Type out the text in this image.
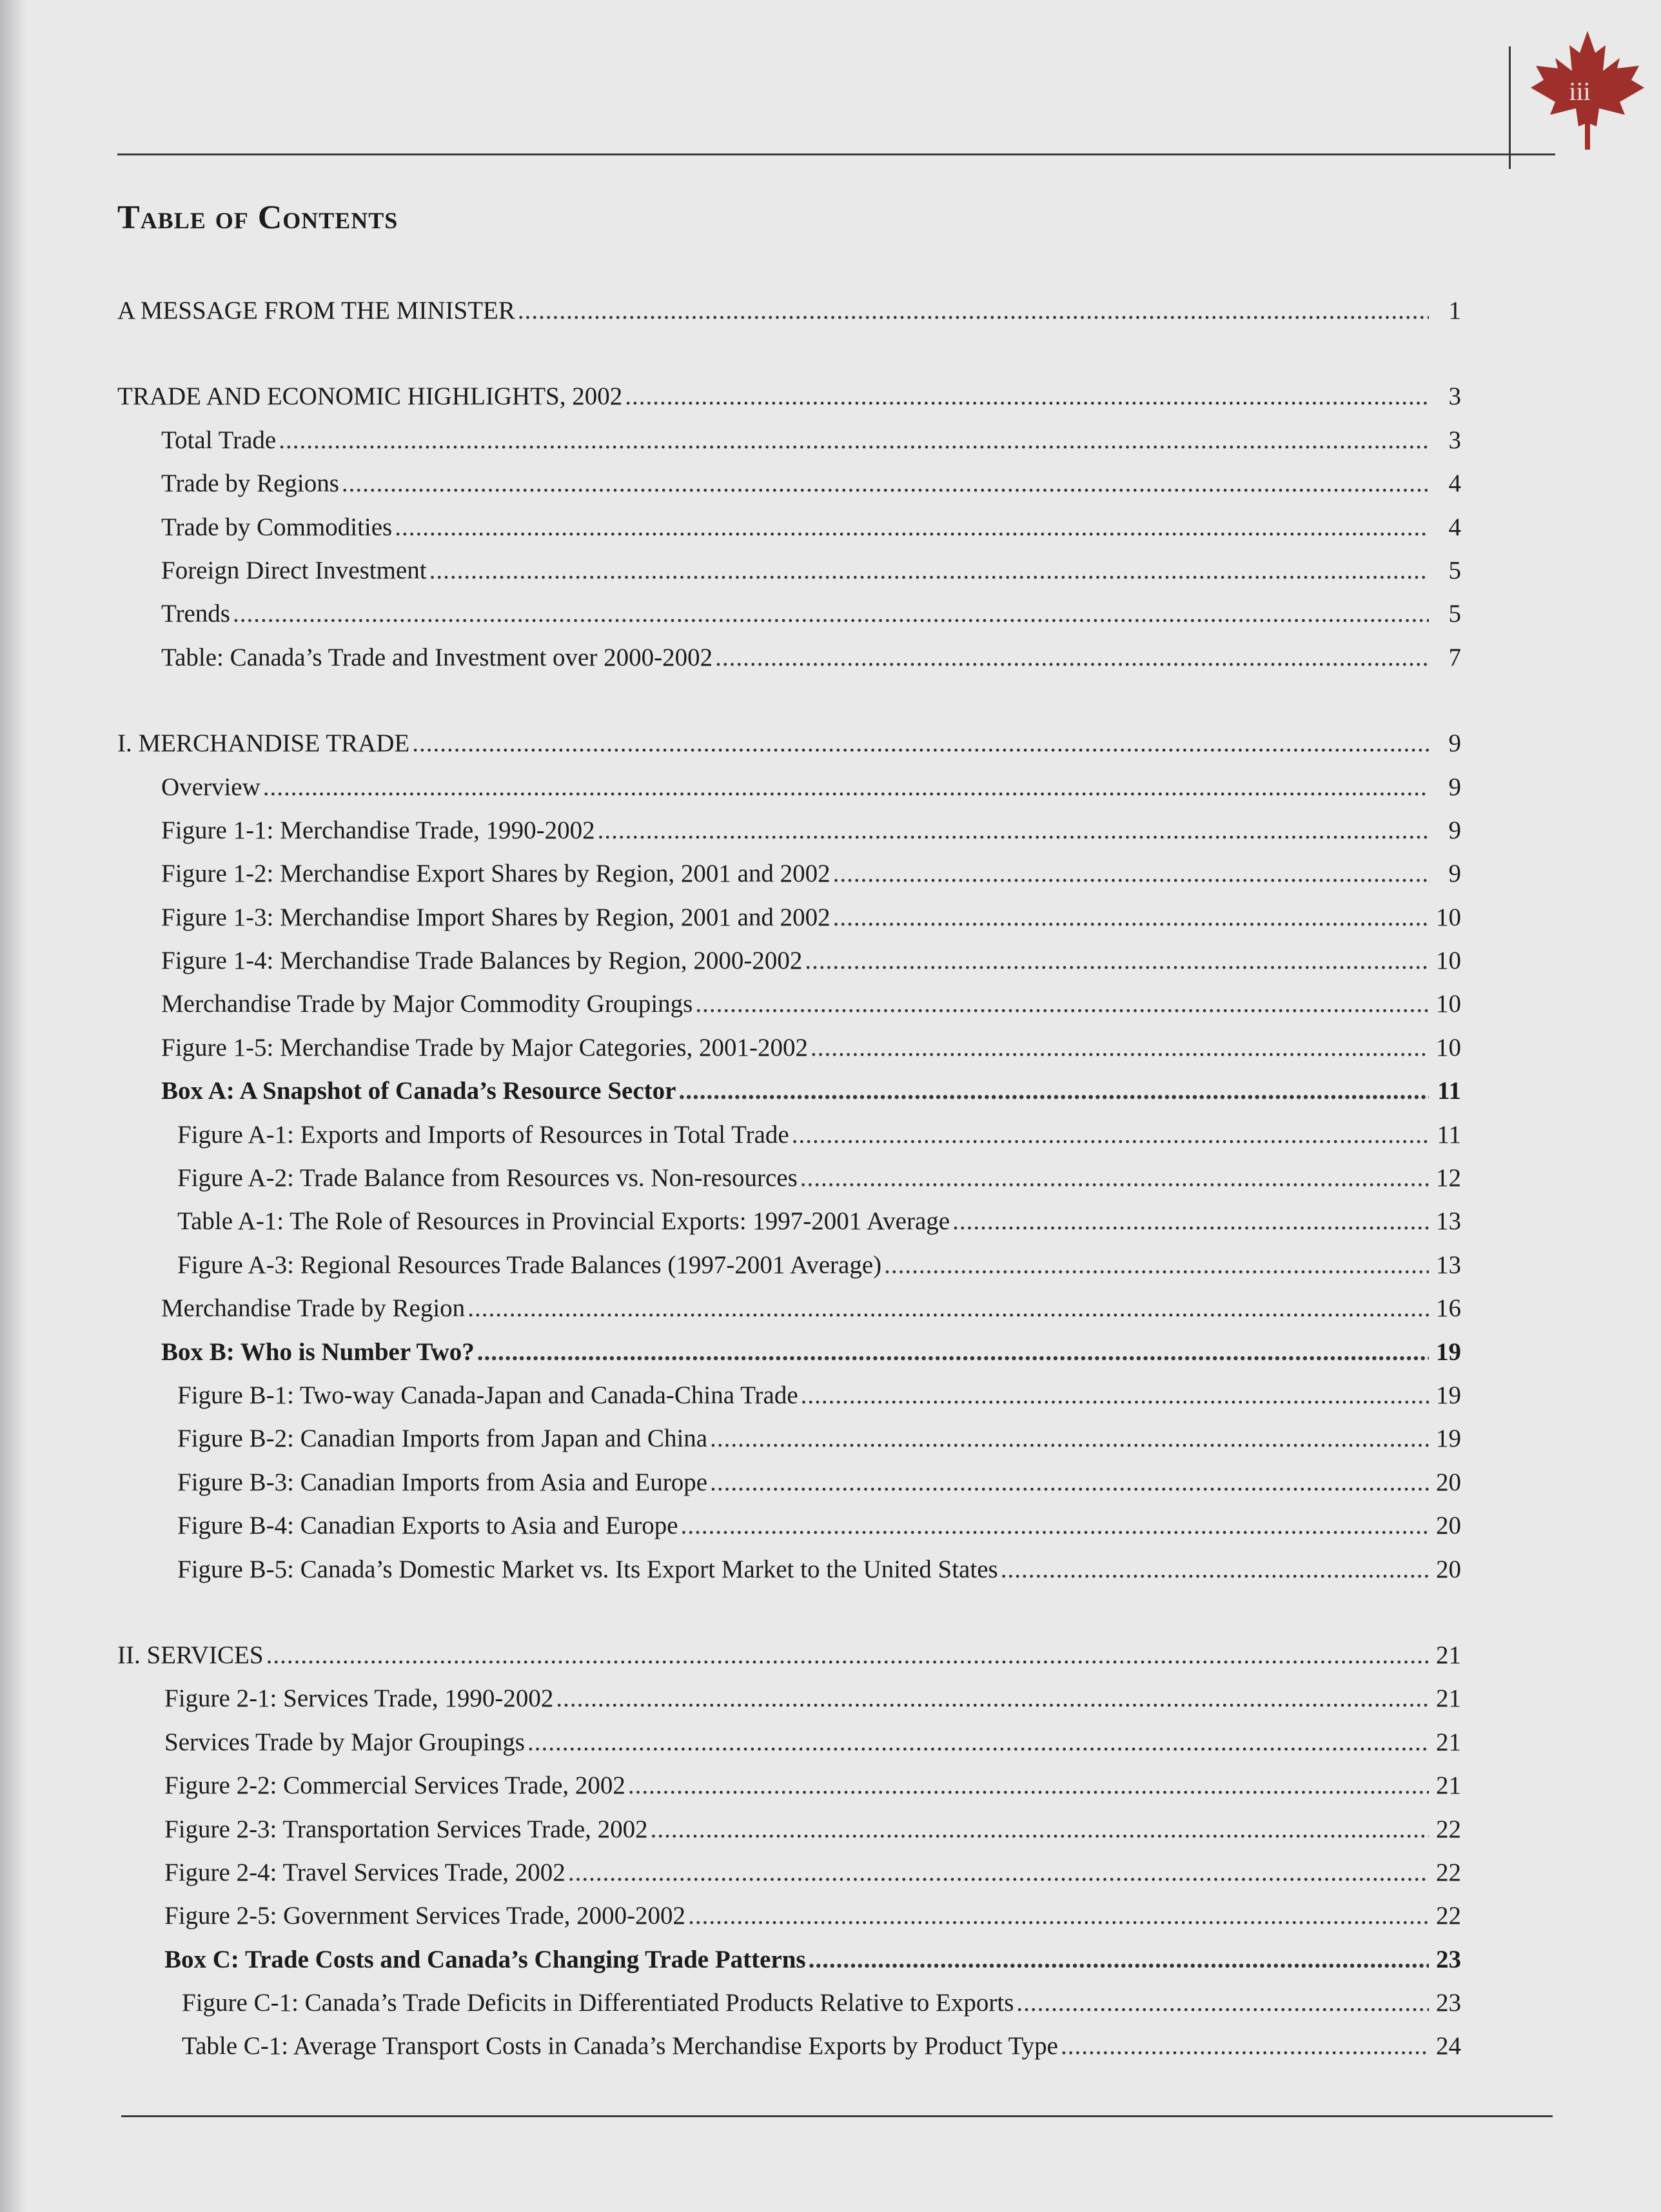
iii
Table of Contents
A MESSAGE FROM THE MINISTER .....	1
TRADE AND ECONOMIC HIGHLIGHTS, 2002 .....	3
Total Trade .....	3
Trade by Regions .....	4
Trade by Commodities .....	4
Foreign Direct Investment .....	5
Trends .....	5
Table: Canada’s Trade and Investment over 2000-2002 .....	7
I. MERCHANDISE TRADE .....	9
Overview .....	9
Figure 1-1: Merchandise Trade, 1990-2002 .....	9
Figure 1-2: Merchandise Export Shares by Region, 2001 and 2002 .....	9
Figure 1-3: Merchandise Import Shares by Region, 2001 and 2002 .....	10
Figure 1-4: Merchandise Trade Balances by Region, 2000-2002 .....	10
Merchandise Trade by Major Commodity Groupings .....	10
Figure 1-5: Merchandise Trade by Major Categories, 2001-2002 .....	10
Box A: A Snapshot of Canada’s Resource Sector .....	11
Figure A-1: Exports and Imports of Resources in Total Trade .....	11
Figure A-2: Trade Balance from Resources vs. Non-resources .....	12
Table A-1: The Role of Resources in Provincial Exports: 1997-2001 Average .....	13
Figure A-3: Regional Resources Trade Balances (1997-2001 Average) .....	13
Merchandise Trade by Region .....	16
Box B: Who is Number Two? .....	19
Figure B-1: Two-way Canada-Japan and Canada-China Trade .....	19
Figure B-2: Canadian Imports from Japan and China .....	19
Figure B-3: Canadian Imports from Asia and Europe .....	20
Figure B-4: Canadian Exports to Asia and Europe .....	20
Figure B-5: Canada’s Domestic Market vs. Its Export Market to the United States .....	20
II. SERVICES .....	21
Figure 2-1: Services Trade, 1990-2002 .....	21
Services Trade by Major Groupings .....	21
Figure 2-2: Commercial Services Trade, 2002 .....	21
Figure 2-3: Transportation Services Trade, 2002 .....	22
Figure 2-4: Travel Services Trade, 2002 .....	22
Figure 2-5: Government Services Trade, 2000-2002 .....	22
Box C: Trade Costs and Canada’s Changing Trade Patterns .....	23
Figure C-1: Canada’s Trade Deficits in Differentiated Products Relative to Exports .....	23
Table C-1: Average Transport Costs in Canada’s Merchandise Exports by Product Type .....	24
